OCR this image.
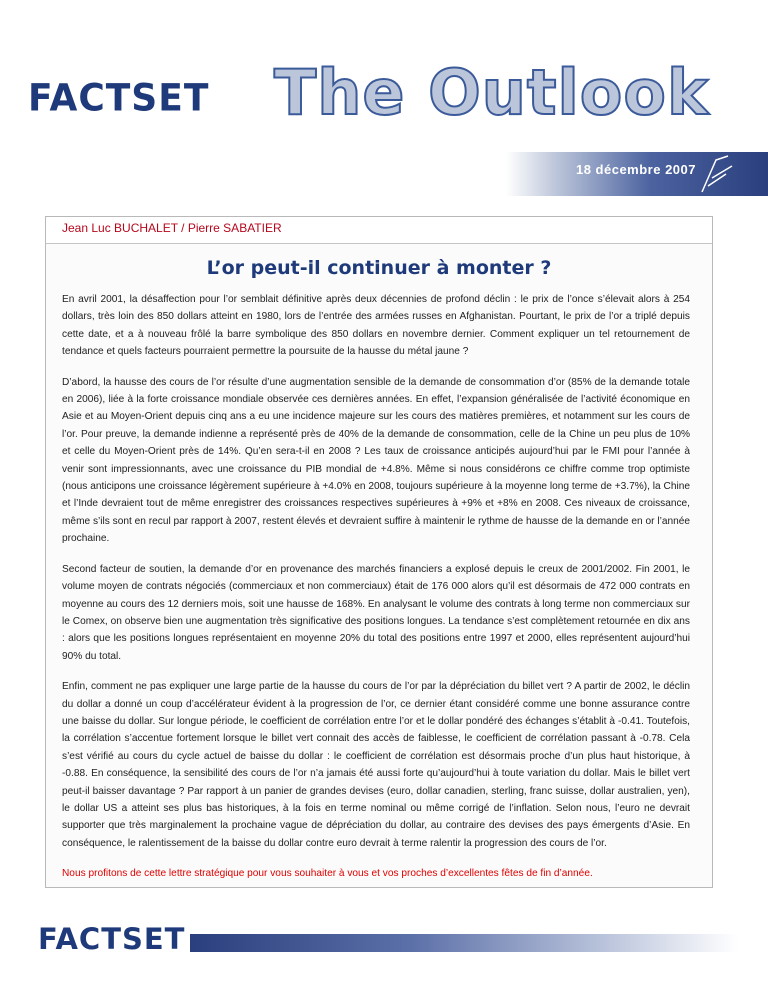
FACTSET The Outlook
18 décembre 2007
Jean Luc BUCHALET / Pierre SABATIER
L’or peut-il continuer à monter ?

En avril 2001, la désaffection pour l’or semblait définitive après deux décennies de profond déclin : le prix de l’once s’élevait alors à 254 dollars, très loin des 850 dollars atteint en 1980, lors de l’entrée des armées russes en Afghanistan. Pourtant, le prix de l’or a triplé depuis cette date, et a à nouveau frôlé la barre symbolique des 850 dollars en novembre dernier. Comment expliquer un tel retournement de tendance et quels facteurs pourraient permettre la poursuite de la hausse du métal jaune ?

D’abord, la hausse des cours de l’or résulte d’une augmentation sensible de la demande de consommation d’or (85% de la demande totale en 2006), liée à la forte croissance mondiale observée ces dernières années. En effet, l’expansion généralisée de l’activité économique en Asie et au Moyen-Orient depuis cinq ans a eu une incidence majeure sur les cours des matières premières, et notamment sur les cours de l’or. Pour preuve, la demande indienne a représenté près de 40% de la demande de consommation, celle de la Chine un peu plus de 10% et celle du Moyen-Orient près de 14%. Qu’en sera-t-il en 2008 ? Les taux de croissance anticipés aujourd’hui par le FMI pour l’année à venir sont impressionnants, avec une croissance du PIB mondial de +4.8%. Même si nous considérons ce chiffre comme trop optimiste (nous anticipons une croissance légèrement supérieure à +4.0% en 2008, toujours supérieure à la moyenne long terme de +3.7%), la Chine et l’Inde devraient tout de même enregistrer des croissances respectives supérieures à +9% et +8% en 2008. Ces niveaux de croissance, même s’ils sont en recul par rapport à 2007, restent élevés et devraient suffire à maintenir le rythme de hausse de la demande en or l’année prochaine.

Second facteur de soutien, la demande d’or en provenance des marchés financiers a explosé depuis le creux de 2001/2002. Fin 2001, le volume moyen de contrats négociés (commerciaux et non commerciaux) était de 176 000 alors qu’il est désormais de 472 000 contrats en moyenne au cours des 12 derniers mois, soit une hausse de 168%. En analysant le volume des contrats à long terme non commerciaux sur le Comex, on observe bien une augmentation très significative des positions longues. La tendance s’est complètement retournée en dix ans : alors que les positions longues représentaient en moyenne 20% du total des positions entre 1997 et 2000, elles représentent aujourd’hui 90% du total.

Enfin, comment ne pas expliquer une large partie de la hausse du cours de l’or par la dépréciation du billet vert ? A partir de 2002, le déclin du dollar a donné un coup d’accélérateur évident à la progression de l’or, ce dernier étant considéré comme une bonne assurance contre une baisse du dollar. Sur longue période, le coefficient de corrélation entre l’or et le dollar pondéré des échanges s’établit à -0.41. Toutefois, la corrélation s’accentue fortement lorsque le billet vert connait des accès de faiblesse, le coefficient de corrélation passant à -0.78. Cela s’est vérifié au cours du cycle actuel de baisse du dollar : le coefficient de corrélation est désormais proche d’un plus haut historique, à -0.88. En conséquence, la sensibilité des cours de l’or n’a jamais été aussi forte qu’aujourd’hui à toute variation du dollar. Mais le billet vert peut-il baisser davantage ? Par rapport à un panier de grandes devises (euro, dollar canadien, sterling, franc suisse, dollar australien, yen), le dollar US a atteint ses plus bas historiques, à la fois en terme nominal ou même corrigé de l’inflation. Selon nous, l’euro ne devrait supporter que très marginalement la prochaine vague de dépréciation du dollar, au contraire des devises des pays émergents d’Asie. En conséquence, le ralentissement de la baisse du dollar contre euro devrait à terme ralentir la progression des cours de l’or.

Nous profitons de cette lettre stratégique pour vous souhaiter à vous et vos proches d’excellentes fêtes de fin d’année.

FACTSET
